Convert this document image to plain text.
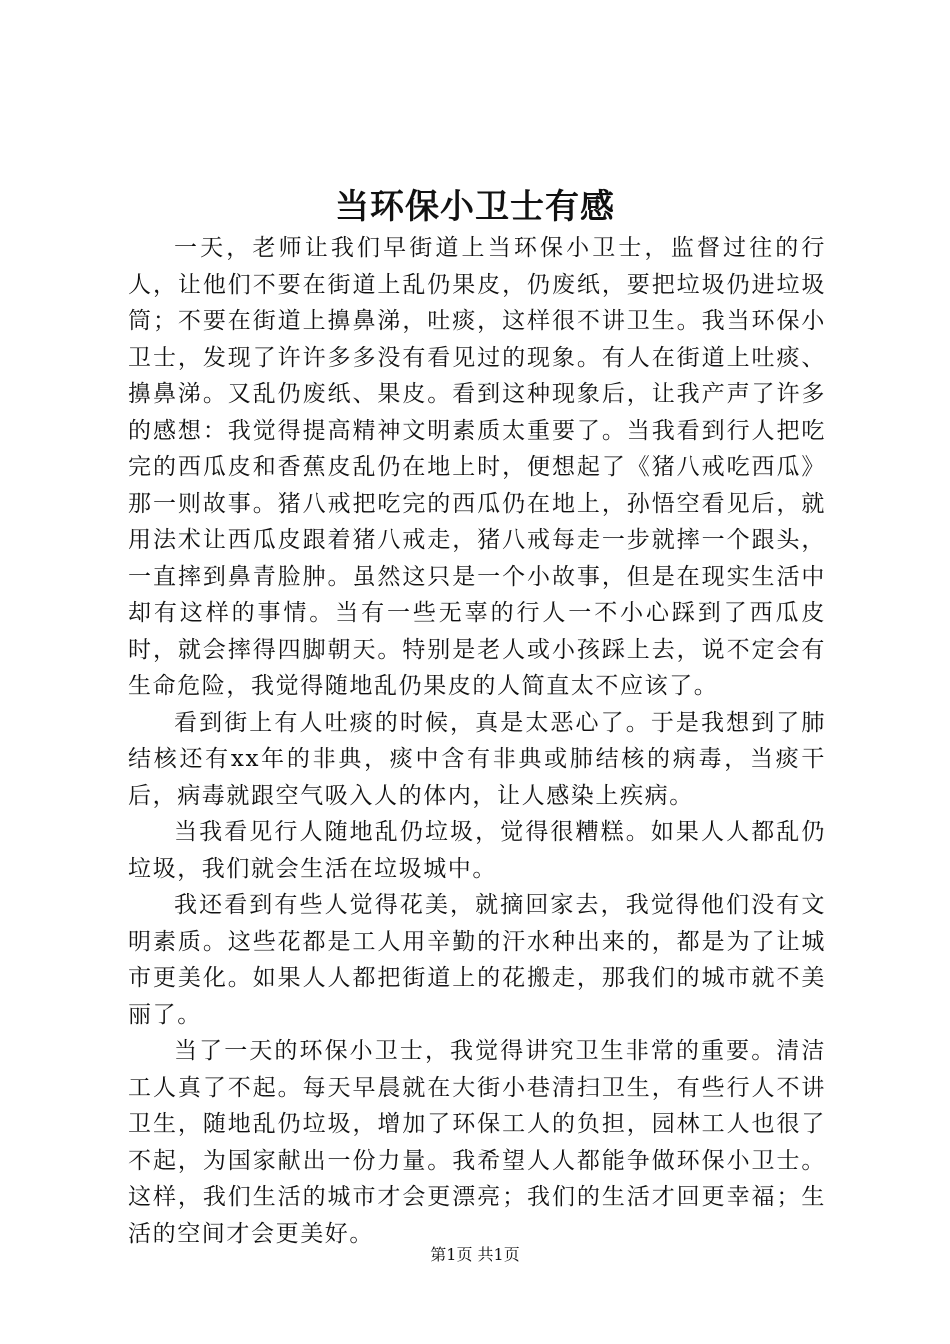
当环保小卫士有感

一天，老师让我们早街道上当环保小卫士，监督过往的行人，让他们不要在街道上乱仍果皮，仍废纸，要把垃圾仍进垃圾筒；不要在街道上擤鼻涕，吐痰，这样很不讲卫生。我当环保小卫士，发现了许许多多没有看见过的现象。有人在街道上吐痰、擤鼻涕。又乱仍废纸、果皮。看到这种现象后，让我产声了许多的感想：我觉得提高精神文明素质太重要了。当我看到行人把吃完的西瓜皮和香蕉皮乱仍在地上时，便想起了《猪八戒吃西瓜》那一则故事。猪八戒把吃完的西瓜仍在地上，孙悟空看见后，就用法术让西瓜皮跟着猪八戒走，猪八戒每走一步就摔一个跟头，一直摔到鼻青脸肿。虽然这只是一个小故事，但是在现实生活中却有这样的事情。当有一些无辜的行人一不小心踩到了西瓜皮时，就会摔得四脚朝天。特别是老人或小孩踩上去，说不定会有生命危险，我觉得随地乱仍果皮的人简直太不应该了。

看到街上有人吐痰的时候，真是太恶心了。于是我想到了肺结核还有xx年的非典，痰中含有非典或肺结核的病毒，当痰干后，病毒就跟空气吸入人的体内，让人感染上疾病。

当我看见行人随地乱仍垃圾，觉得很糟糕。如果人人都乱仍垃圾，我们就会生活在垃圾城中。

我还看到有些人觉得花美，就摘回家去，我觉得他们没有文明素质。这些花都是工人用辛勤的汗水种出来的，都是为了让城市更美化。如果人人都把街道上的花搬走，那我们的城市就不美丽了。

当了一天的环保小卫士，我觉得讲究卫生非常的重要。清洁工人真了不起。每天早晨就在大街小巷清扫卫生，有些行人不讲卫生，随地乱仍垃圾，增加了环保工人的负担，园林工人也很了不起，为国家献出一份力量。我希望人人都能争做环保小卫士。这样，我们生活的城市才会更漂亮；我们的生活才回更幸福；生活的空间才会更美好。

第1页 共1页
